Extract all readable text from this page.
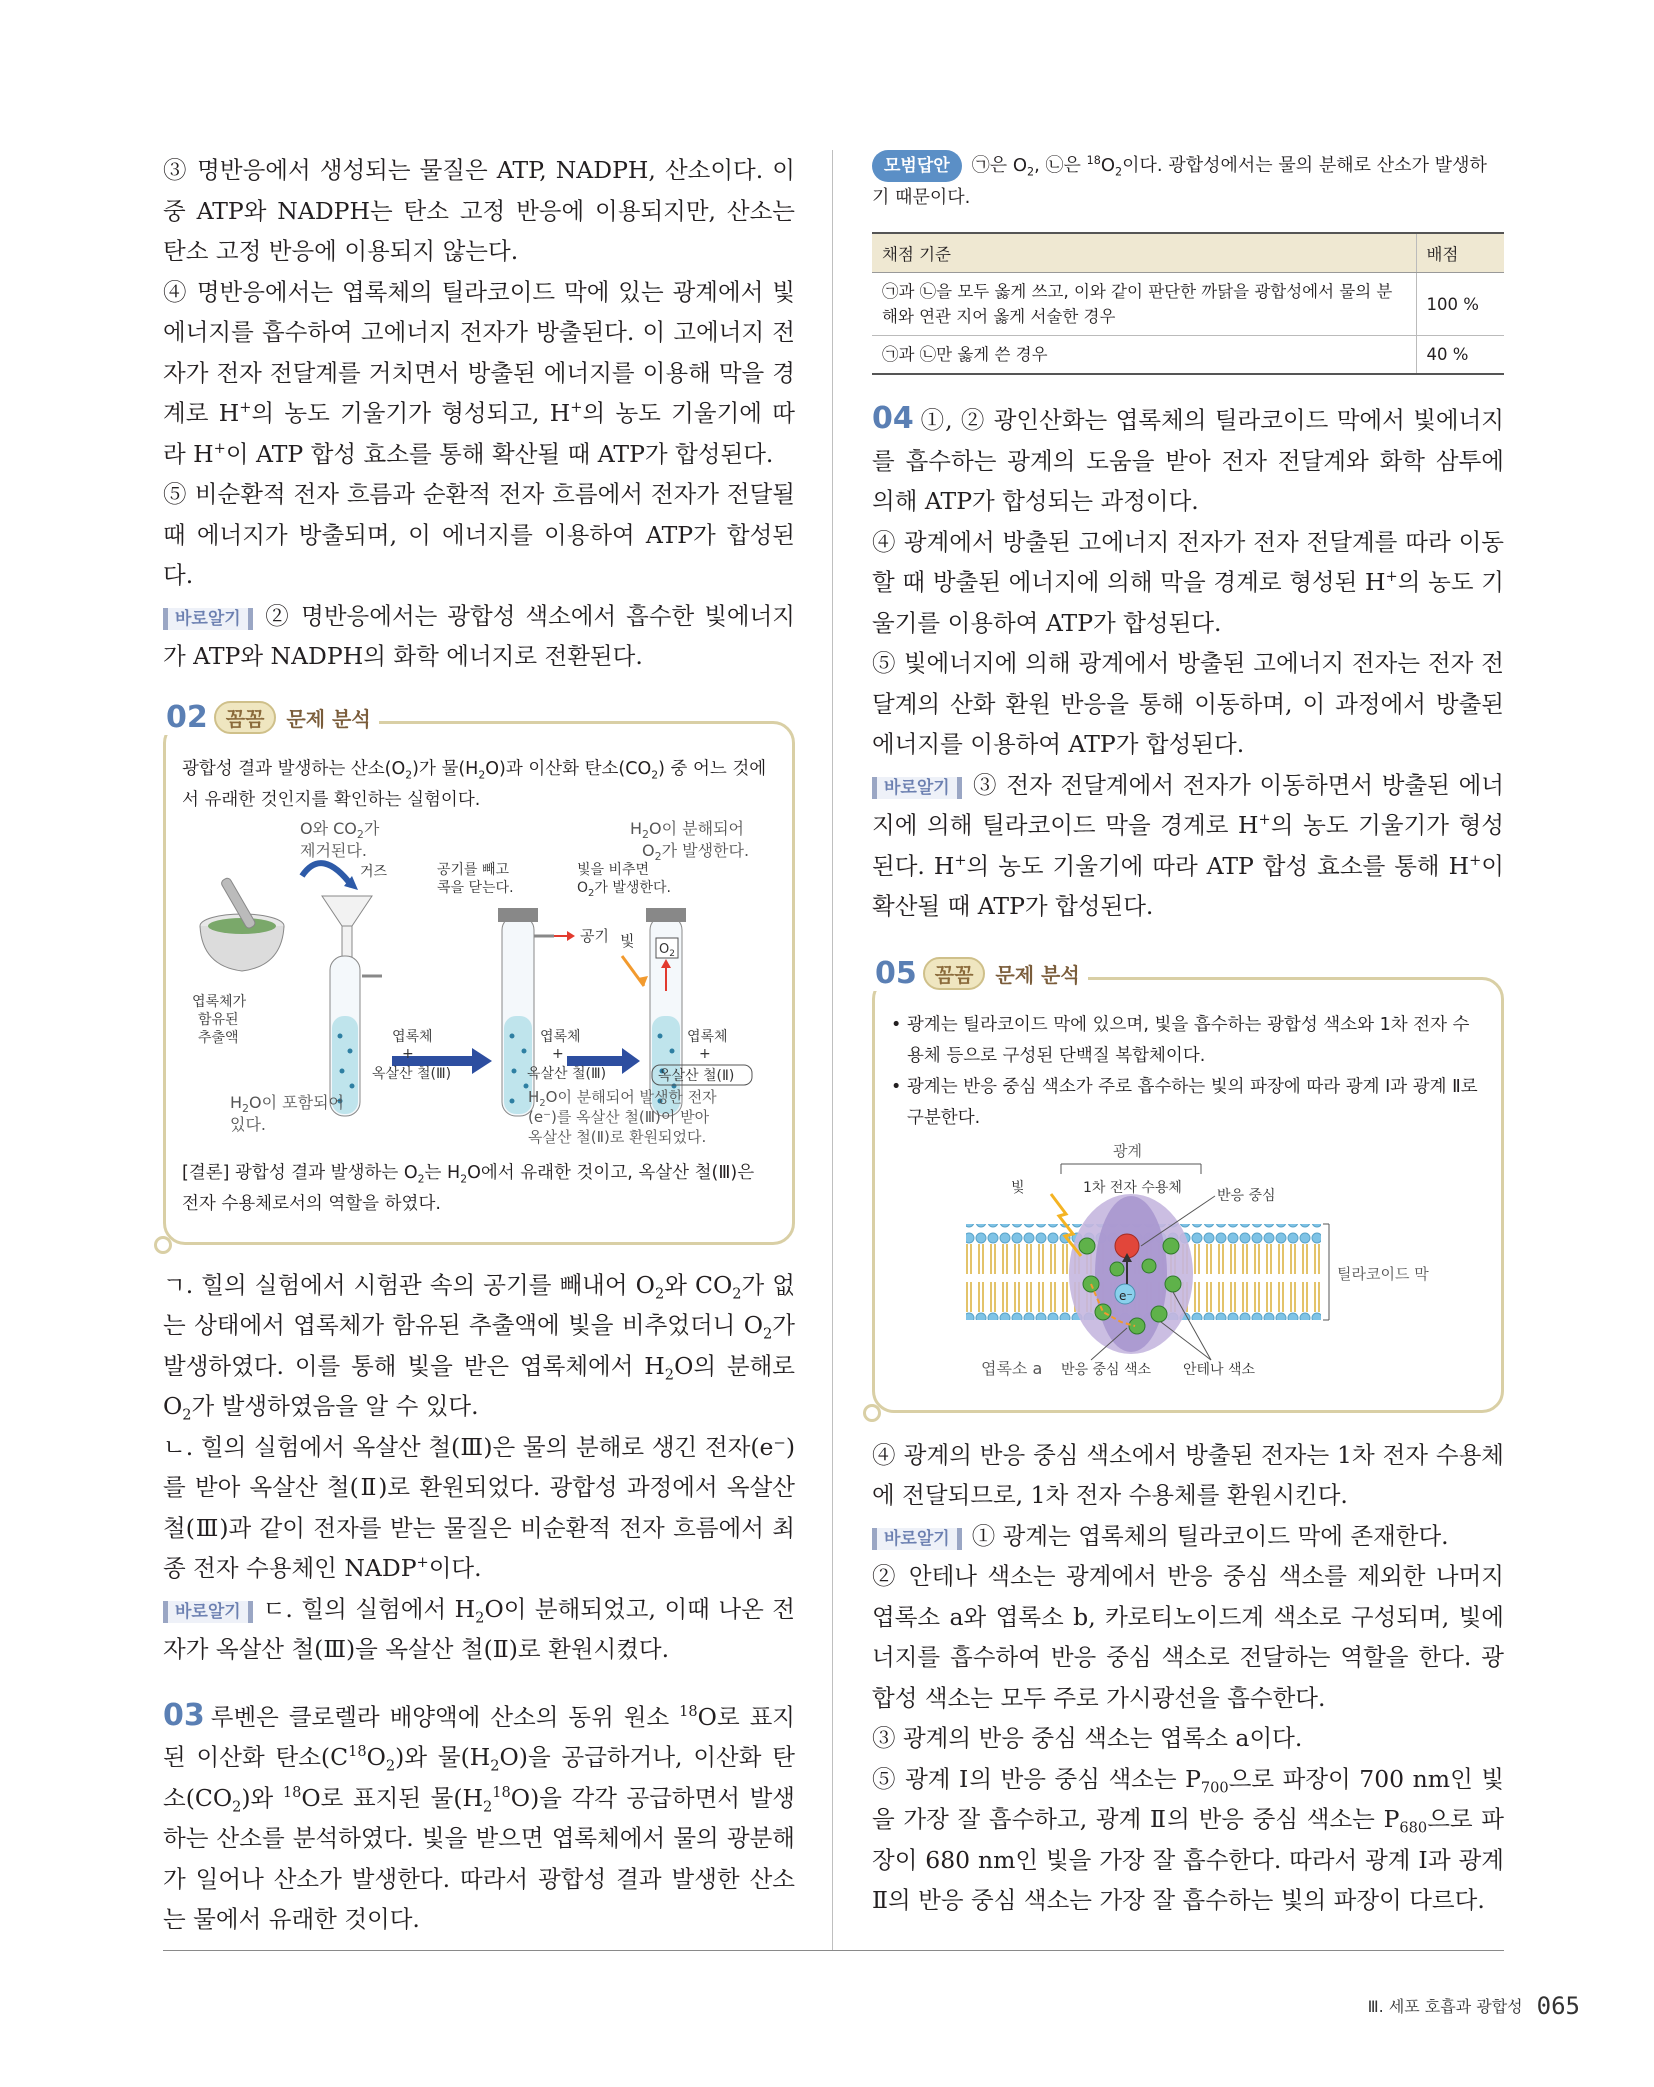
③ 명반응에서 생성되는 물질은 ATP, NADPH, 산소이다. 이 중 ATP와 NADPH는 탄소 고정 반응에 이용되지만, 산소는 탄소 고정 반응에 이용되지 않는다.

④ 명반응에서는 엽록체의 틸라코이드 막에 있는 광계에서 빛에너지를 흡수하여 고에너지 전자가 방출된다. 이 고에너지 전자가 전자 전달계를 거치면서 방출된 에너지를 이용해 막을 경계로 H+의 농도 기울기가 형성되고, H+의 농도 기울기에 따라 H+이 ATP 합성 효소를 통해 확산될 때 ATP가 합성된다.

⑤ 비순환적 전자 흐름과 순환적 전자 흐름에서 전자가 전달될 때 에너지가 방출되며, 이 에너지를 이용하여 ATP가 합성된다.

바로알기 ② 명반응에서는 광합성 색소에서 흡수한 빛에너지가 ATP와 NADPH의 화학 에너지로 전환된다.

02 꼼꼼	문제 분석

광합성 결과 발생하는 산소$(O_2)$가 물$(H_2O)$과 이산화 탄소$(CO_2)$ 중 어느 것에서 유래한 것인지를 확인하는 실험이다.

O와 $CO_2$가
제거된다.
거즈	공기를 빼고
콕을 닫는다.
빛을 비추면
$O_2$가 발생한다.
$H_2O$이 분해되어
$O_2$가 발생한다.
공기 빛 $O_2$
엽록체가
함유된
추출액	엽록체
+
옥살산 철(Ⅲ)
엽록체
+
옥살산 철(Ⅲ)
엽록체
+
옥살산 철(Ⅱ)
$H_2O$이 포함되어
있다.
$H_2O$이 분해되어 발생한 전자
(e⁻)를 옥살산 철(Ⅲ)이 받아
옥살산 철(Ⅱ)로 환원되었다.

[결론] 광합성 결과 발생하는 $O_2$는 $H_2O$에서 유래한 것이고, 옥살산 철(Ⅲ)은 전자 수용체로서의 역할을 하였다.

ㄱ. 힐의 실험에서 시험관 속의 공기를 빼내어 $O_2$와 $CO_2$가 없는 상태에서 엽록체가 함유된 추출액에 빛을 비추었더니 $O_2$가 발생하였다. 이를 통해 빛을 받은 엽록체에서 $H_2O$의 분해로 $O_2$가 발생하였음을 알 수 있다.

ㄴ. 힐의 실험에서 옥살산 철(Ⅲ)은 물의 분해로 생긴 전자(e⁻)를 받아 옥살산 철(Ⅱ)로 환원되었다. 광합성 과정에서 옥살산 철(Ⅲ)과 같이 전자를 받는 물질은 비순환적 전자 흐름에서 최종 전자 수용체인 NADP+이다.

바로알기 ㄷ. 힐의 실험에서 $H_2O$이 분해되었고, 이때 나온 전자가 옥살산 철(Ⅲ)을 옥살산 철(Ⅱ)로 환원시켰다.

03 루벤은 클로렐라 배양액에 산소의 동위 원소 $^{18}$O로 표지된 이산화 탄소$(C^{18}O_2)$와 물$(H_2O)$을 공급하거나, 이산화 탄소$(CO_2)$와 $^{18}$O로 표지된 물$(H_2^{18}O)$을 각각 공급하면서 발생하는 산소를 분석하였다. 빛을 받으면 엽록체에서 물의 광분해가 일어나 산소가 발생한다. 따라서 광합성 결과 발생한 산소는 물에서 유래한 것이다.

모범답안 ㉠은 $O_2$, ㉡은 $^{18}O_2$이다. 광합성에서는 물의 분해로 산소가 발생하기 때문이다.

채점 기준	배점
㉠과 ㉡을 모두 옳게 쓰고, 이와 같이 판단한 까닭을 광합성에서 물의 분해와 연관 지어 옳게 서술한 경우	100 %
㉠과 ㉡만 옳게 쓴 경우	40 %

04 ①, ② 광인산화는 엽록체의 틸라코이드 막에서 빛에너지를 흡수하는 광계의 도움을 받아 전자 전달계와 화학 삼투에 의해 ATP가 합성되는 과정이다.

④ 광계에서 방출된 고에너지 전자가 전자 전달계를 따라 이동할 때 방출된 에너지에 의해 막을 경계로 형성된 H+의 농도 기울기를 이용하여 ATP가 합성된다.

⑤ 빛에너지에 의해 광계에서 방출된 고에너지 전자는 전자 전달계의 산화 환원 반응을 통해 이동하며, 이 과정에서 방출된 에너지를 이용하여 ATP가 합성된다.

바로알기 ③ 전자 전달계에서 전자가 이동하면서 방출된 에너지에 의해 틸라코이드 막을 경계로 H+의 농도 기울기가 형성된다. H+의 농도 기울기에 따라 ATP 합성 효소를 통해 H+이 확산될 때 ATP가 합성된다.

05 꼼꼼	문제 분석

• 광계는 틸라코이드 막에 있으며, 빛을 흡수하는 광합성 색소와 1차 전자 수용체 등으로 구성된 단백질 복합체이다.

• 광계는 반응 중심 색소가 주로 흡수하는 빛의 파장에 따라 광계 Ⅰ과 광계 Ⅱ로 구분한다.

광계
빛	1차 전자 수용체	반응 중심
틸라코이드 막
e⁻
엽록소 a 반응 중심 색소 안테나 색소

④ 광계의 반응 중심 색소에서 방출된 전자는 1차 전자 수용체에 전달되므로, 1차 전자 수용체를 환원시킨다.

바로알기 ① 광계는 엽록체의 틸라코이드 막에 존재한다.

② 안테나 색소는 광계에서 반응 중심 색소를 제외한 나머지 엽록소 a와 엽록소 b, 카로티노이드계 색소로 구성되며, 빛에너지를 흡수하여 반응 중심 색소로 전달하는 역할을 한다. 광합성 색소는 모두 주로 가시광선을 흡수한다.

③ 광계의 반응 중심 색소는 엽록소 a이다.

⑤ 광계 Ⅰ의 반응 중심 색소는 $P_{700}$으로 파장이 700 nm인 빛을 가장 잘 흡수하고, 광계 Ⅱ의 반응 중심 색소는 $P_{680}$으로 파장이 680 nm인 빛을 가장 잘 흡수한다. 따라서 광계 Ⅰ과 광계 Ⅱ의 반응 중심 색소는 가장 잘 흡수하는 빛의 파장이 다르다.

Ⅲ. 세포 호흡과 광합성 065
